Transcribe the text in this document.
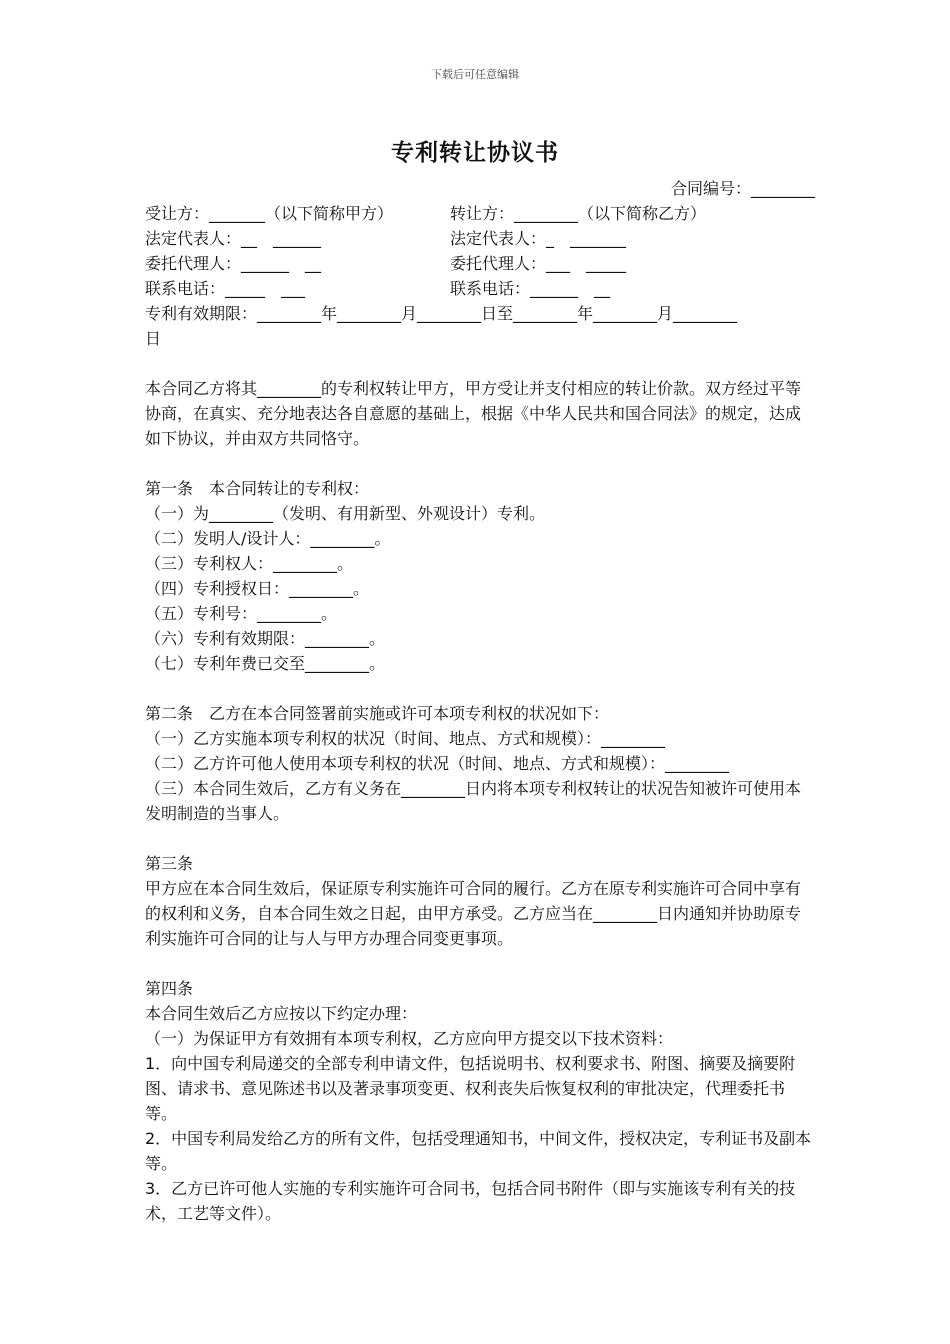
下载后可任意编辑
专利转让协议书
合同编号：________
受让方：_______（以下简称甲方）	转让方：________（以下简称乙方）
法定代表人：__　______	法定代表人：_　_______
委托代理人：______　__	委托代理人：___　_____
联系电话：_____　___	联系电话：______　__
专利有效期限：________年________月________日至________年________月________
日
本合同乙方将其________的专利权转让甲方，甲方受让并支付相应的转让价款。双方经过平等协商，在真实、充分地表达各自意愿的基础上，根据《中华人民共和国合同法》的规定，达成如下协议，并由双方共同恪守。
第一条　本合同转让的专利权：
（一）为________（发明、有用新型、外观设计）专利。
（二）发明人/设计人：________。
（三）专利权人：________。
（四）专利授权日：________。
（五）专利号：________。
（六）专利有效期限：________。
（七）专利年费已交至________。
第二条　乙方在本合同签署前实施或许可本项专利权的状况如下：
（一）乙方实施本项专利权的状况（时间、地点、方式和规模）：________
（二）乙方许可他人使用本项专利权的状况（时间、地点、方式和规模）：________
（三）本合同生效后，乙方有义务在________日内将本项专利权转让的状况告知被许可使用本发明制造的当事人。
第三条
甲方应在本合同生效后，保证原专利实施许可合同的履行。乙方在原专利实施许可合同中享有的权利和义务，自本合同生效之日起，由甲方承受。乙方应当在________日内通知并协助原专利实施许可合同的让与人与甲方办理合同变更事项。
第四条
本合同生效后乙方应按以下约定办理：
（一）为保证甲方有效拥有本项专利权，乙方应向甲方提交以下技术资料：
1．向中国专利局递交的全部专利申请文件，包括说明书、权利要求书、附图、摘要及摘要附图、请求书、意见陈述书以及著录事项变更、权利丧失后恢复权利的审批决定，代理委托书等。
2．中国专利局发给乙方的所有文件，包括受理通知书，中间文件，授权决定，专利证书及副本等。
3．乙方已许可他人实施的专利实施许可合同书，包括合同书附件（即与实施该专利有关的技术，工艺等文件）。
